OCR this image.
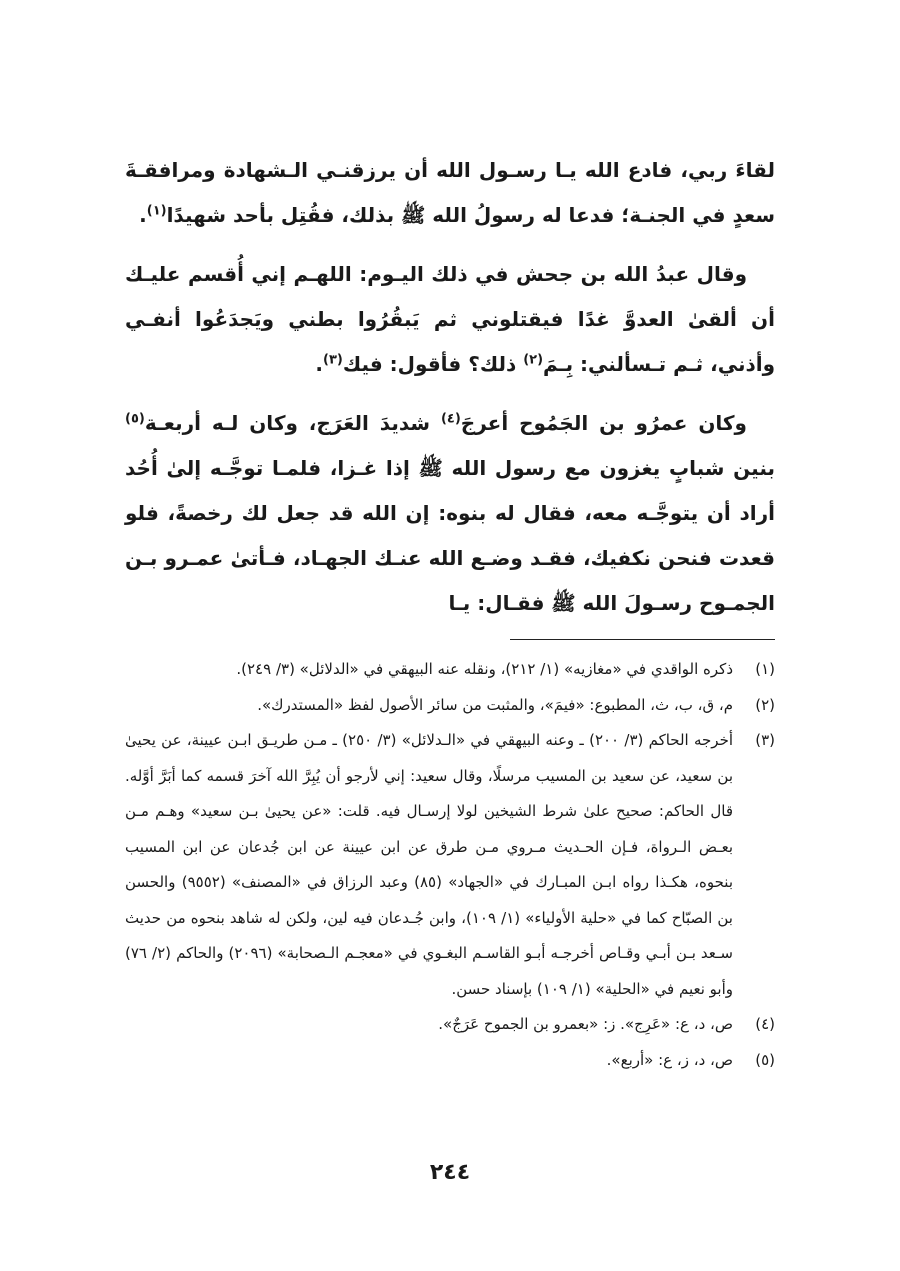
لقاءَ ربي، فادع الله يـا رسـول الله أن يرزقنـي الـشهادة ومرافقـةَ سعدٍ في الجنـة؛ فدعا له رسولُ الله ﷺ بذلك، فقُتِل بأحد شهيدًا$^{(١)}$.

وقال عبدُ الله بن جحش في ذلك اليـوم: اللهـم إني أُقسم عليـك أن ألقىٰ العدوَّ غدًا فيقتلوني ثم يَبقُرُوا بطني ويَجدَعُوا أنفـي وأذني، ثـم تـسألني: بِـمَ$^{(٢)}$ ذلك؟ فأقول: فيك$^{(٣)}$.

وكان عمرُو بن الجَمُوح أعرجَ$^{(٤)}$ شديدَ العَرَج، وكان لـه أربعـة$^{(٥)}$ بنين شبابٍ يغزون مع رسول الله ﷺ إذا غـزا، فلمـا توجَّـه إلىٰ أُحُد أراد أن يتوجَّـه معه، فقال له بنوه: إن الله قد جعل لك رخصةً، فلو قعدت فنحن نكفيك، فقـد وضـع الله عنـك الجهـاد، فـأتىٰ عمـرو بـن الجمـوح رسـولَ الله ﷺ فقـال: يـا

(١)
ذكره الواقدي في «مغازيه» (١/ ٢١٢)، ونقله عنه البيهقي في «الدلائل» (٣/ ٢٤٩).
(٢)
م، ق، ب، ث، المطبوع: «فيمَ»، والمثبت من سائر الأصول لفظ «المستدرك».
(٣)
أخرجه الحاكم (٣/ ٢٠٠) ـ وعنه البيهقي في «الـدلائل» (٣/ ٢٥٠) ـ مـن طريـق ابـن عيينة، عن يحيىٰ بن سعيد، عن سعيد بن المسيب مرسلًا، وقال سعيد: إني لأرجو أن يُبِرَّ الله آخرَ قسمه كما أبَرَّ أوَّله. قال الحاكم: صحيح علىٰ شرط الشيخين لولا إرسـال فيه. قلت: «عن يحيىٰ بـن سعيد» وهـم مـن بعـض الـرواة، فـإن الحـديث مـروي مـن طرق عن ابن عيينة عن ابن جُدعان عن ابن المسيب بنحوه، هكـذا رواه ابـن المبـارك في «الجهاد» (٨٥) وعبد الرزاق في «المصنف» (٩٥٥٢) والحسن بن الصبّاح كما في «حلية الأولياء» (١/ ١٠٩)، وابن جُـدعان فيه لين، ولكن له شاهد بنحوه من حديث سـعد بـن أبـي وقـاص أخرجـه أبـو القاسـم البغـوي في «معجـم الـصحابة» (٢٠٩٦) والحاكم (٢/ ٧٦) وأبو نعيم في «الحلية» (١/ ١٠٩) بإسناد حسن.
(٤)
ص، د، ع: «عَرِج». ز: «بعمرو بن الجموح عَرَجٌ».
(٥)
ص، د، ز، ع: «أربع».
٢٤٤
